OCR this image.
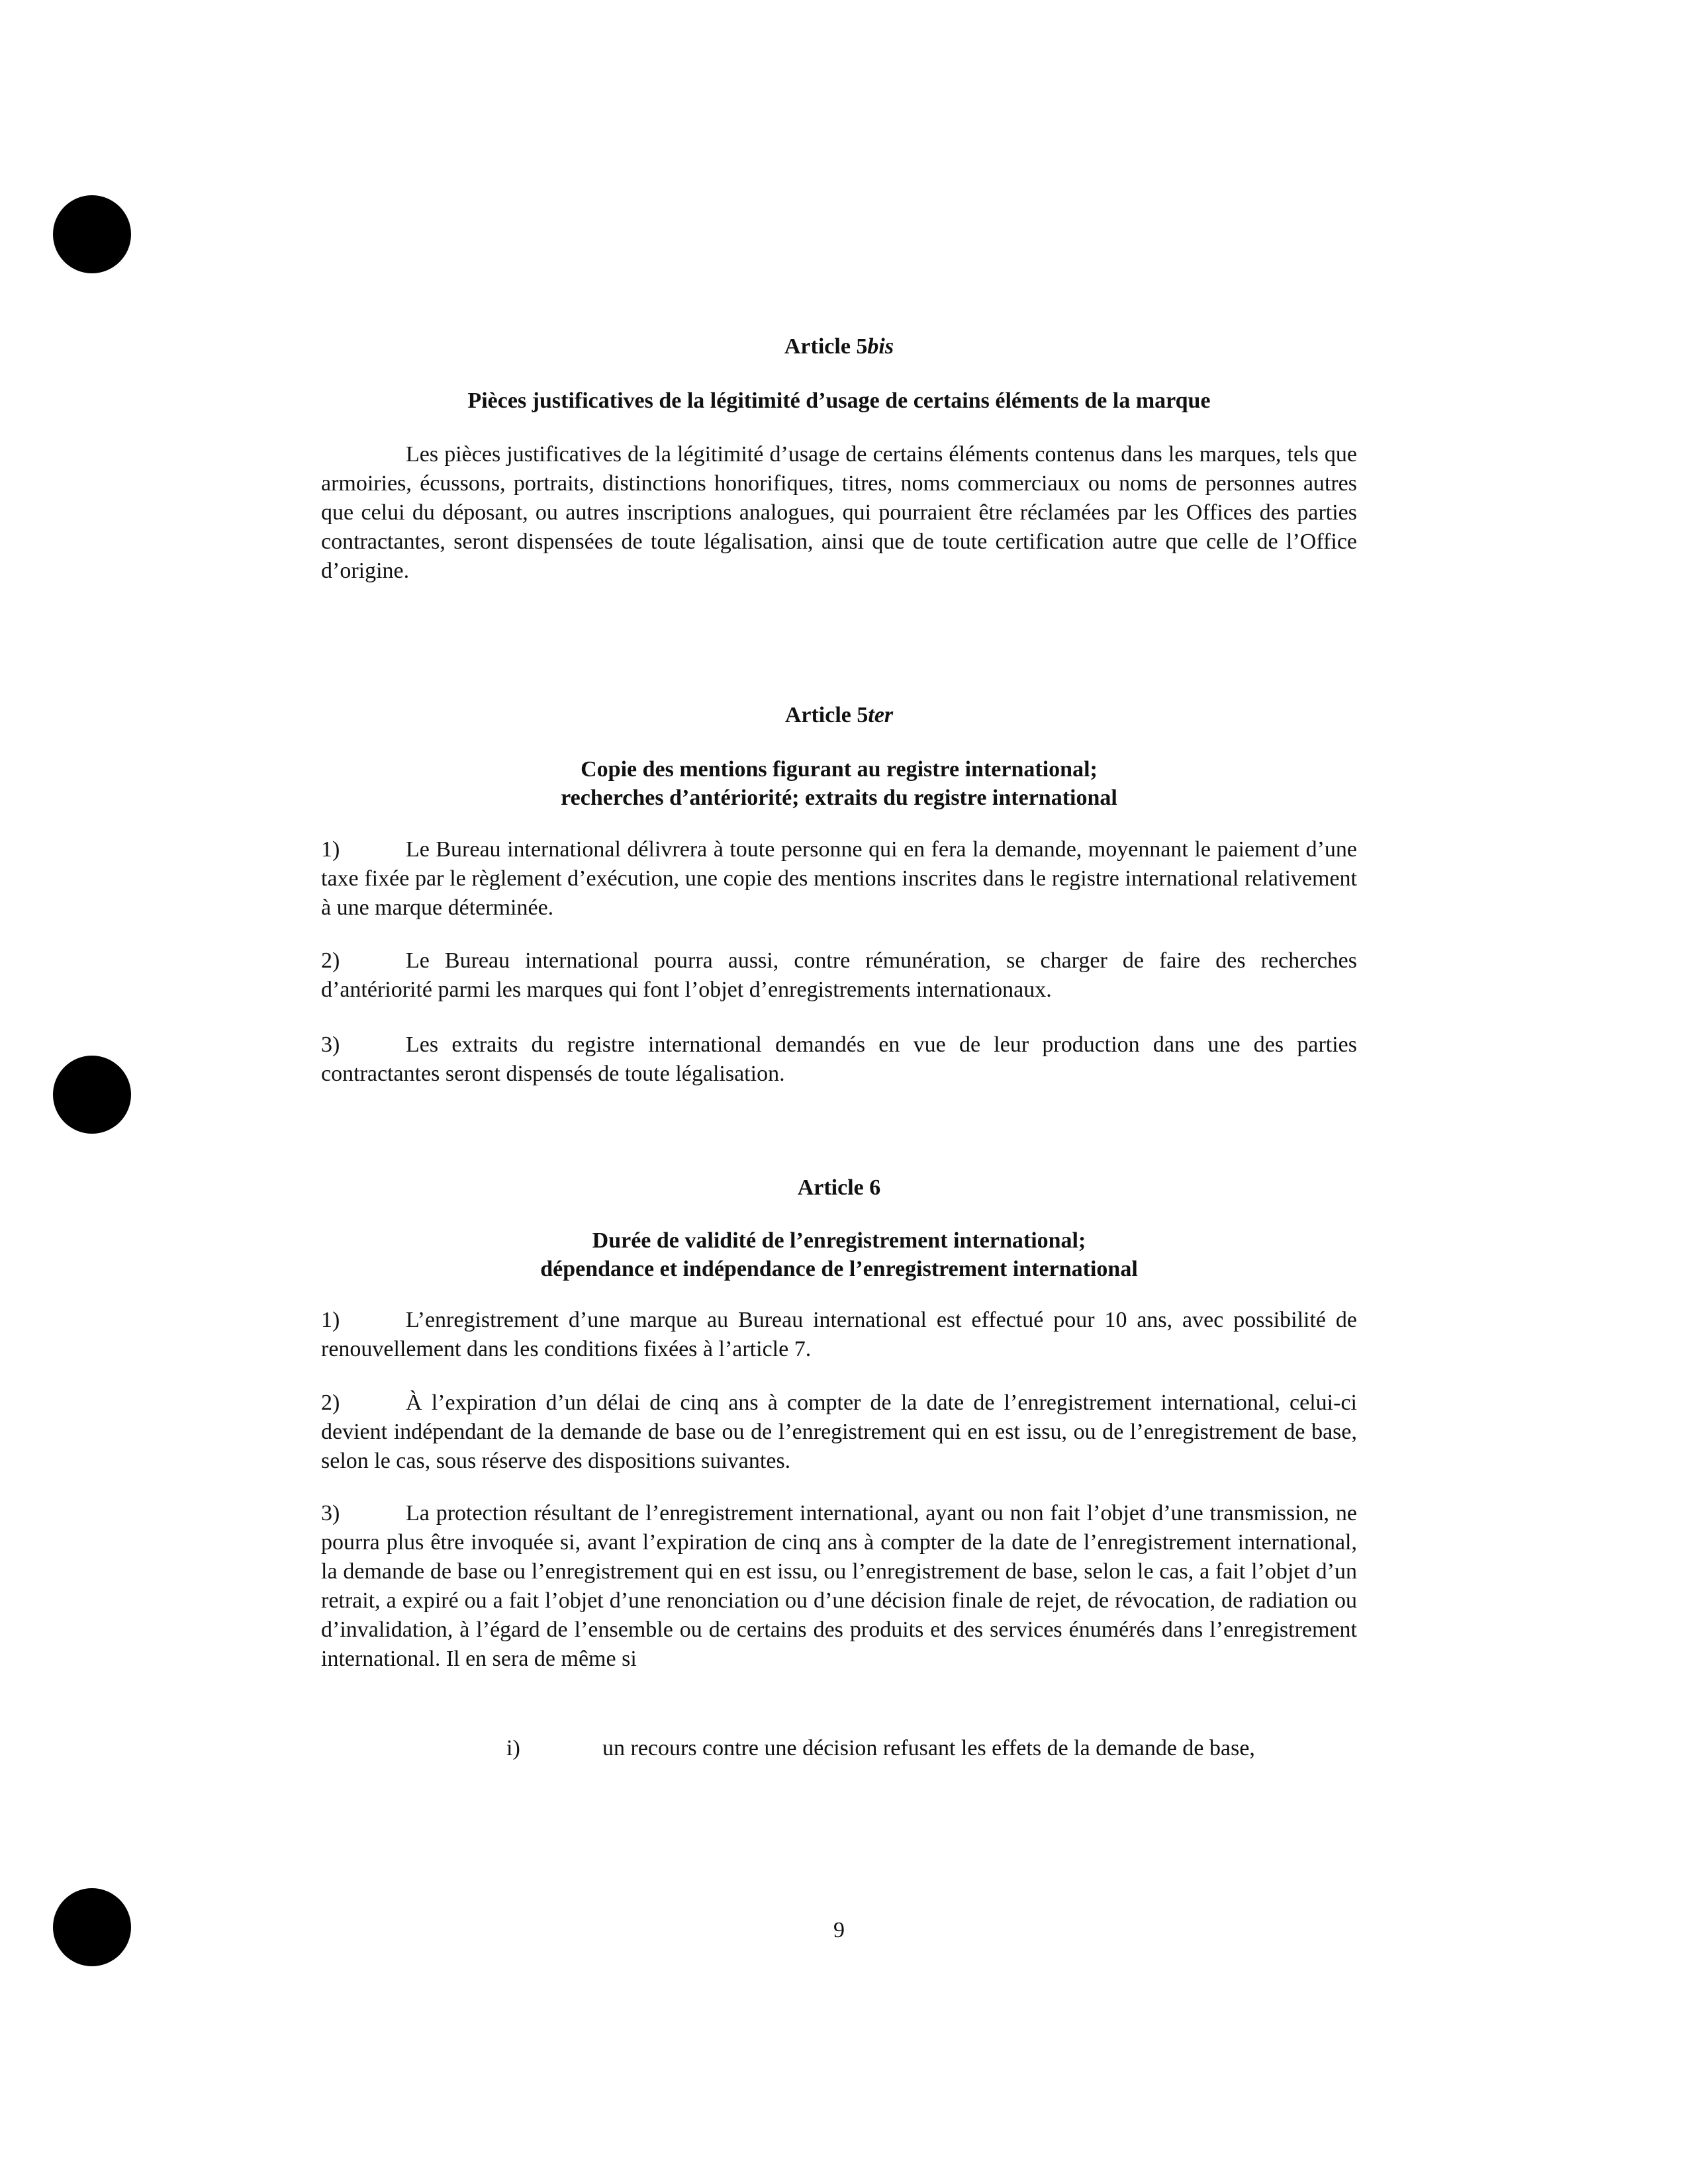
Article 5bis
Pièces justificatives de la légitimité d’usage de certains éléments de la marque
Les pièces justificatives de la légitimité d’usage de certains éléments contenus dans les marques, tels que armoiries, écussons, portraits, distinctions honorifiques, titres, noms commerciaux ou noms de personnes autres que celui du déposant, ou autres inscriptions analogues, qui pourraient être réclamées par les Offices des parties contractantes, seront dispensées de toute légalisation, ainsi que de toute certification autre que celle de l’Office d’origine.
Article 5ter
Copie des mentions figurant au registre international;
recherches d’antériorité; extraits du registre international
1)	Le Bureau international délivrera à toute personne qui en fera la demande, moyennant le paiement d’une taxe fixée par le règlement d’exécution, une copie des mentions inscrites dans le registre international relativement à une marque déterminée.
2)	Le Bureau international pourra aussi, contre rémunération, se charger de faire des recherches d’antériorité parmi les marques qui font l’objet d’enregistrements internationaux.
3)	Les extraits du registre international demandés en vue de leur production dans une des parties contractantes seront dispensés de toute légalisation.
Article 6
Durée de validité de l’enregistrement international;
dépendance et indépendance de l’enregistrement international
1)	L’enregistrement d’une marque au Bureau international est effectué pour 10 ans, avec possibilité de renouvellement dans les conditions fixées à l’article 7.
2)	À l’expiration d’un délai de cinq ans à compter de la date de l’enregistrement international, celui-ci devient indépendant de la demande de base ou de l’enregistrement qui en est issu, ou de l’enregistrement de base, selon le cas, sous réserve des dispositions suivantes.
3)	La protection résultant de l’enregistrement international, ayant ou non fait l’objet d’une transmission, ne pourra plus être invoquée si, avant l’expiration de cinq ans à compter de la date de l’enregistrement international, la demande de base ou l’enregistrement qui en est issu, ou l’enregistrement de base, selon le cas, a fait l’objet d’un retrait, a expiré ou a fait l’objet d’une renonciation ou d’une décision finale de rejet, de révocation, de radiation ou d’invalidation, à l’égard de l’ensemble ou de certains des produits et des services énumérés dans l’enregistrement international. Il en sera de même si
i)	un recours contre une décision refusant les effets de la demande de base,
9
